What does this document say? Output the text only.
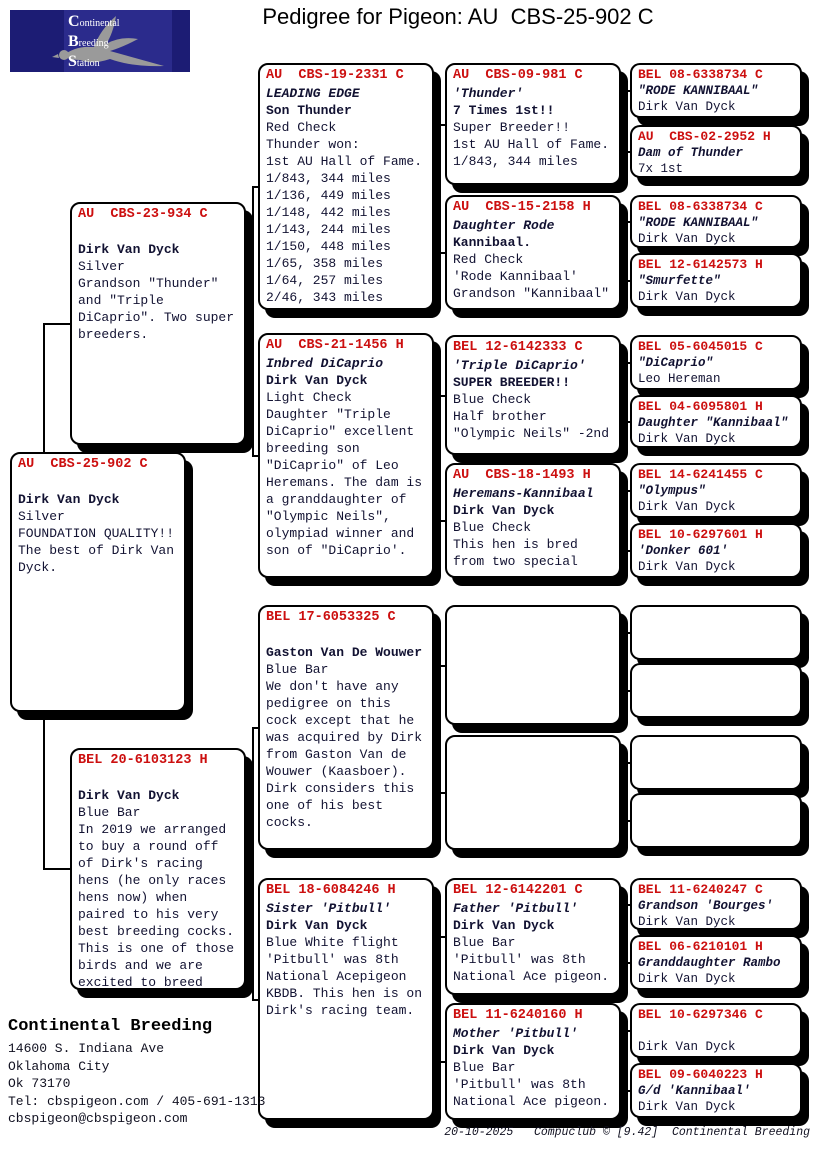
Pedigree for Pigeon: AU  CBS-25-902 C
Continental
Breeding
Station
AU  CBS-25-902 C
Dirk Van Dyck
Silver
FOUNDATION QUALITY!!
The best of Dirk Van
Dyck.
AU  CBS-23-934 C
Dirk Van Dyck
Silver
Grandson "Thunder"
and "Triple
DiCaprio". Two super
breeders.
BEL 20-6103123 H
Dirk Van Dyck
Blue Bar
In 2019 we arranged
to buy a round off
of Dirk's racing
hens (he only races
hens now) when
paired to his very
best breeding cocks.
This is one of those
birds and we are
excited to breed
AU  CBS-19-2331 C
LEADING EDGE
Son Thunder
Red Check
Thunder won:
1st AU Hall of Fame.
1/843, 344 miles
1/136, 449 miles
1/148, 442 miles
1/143, 244 miles
1/150, 448 miles
1/65, 358 miles
1/64, 257 miles
2/46, 343 miles
AU  CBS-21-1456 H
Inbred DiCaprio
Dirk Van Dyck
Light Check
Daughter "Triple
DiCaprio" excellent
breeding son
"DiCaprio" of Leo
Heremans. The dam is
a granddaughter of
"Olympic Neils",
olympiad winner and
son of "DiCaprio'.
BEL 17-6053325 C
Gaston Van De Wouwer
Blue Bar
We don't have any
pedigree on this
cock except that he
was acquired by Dirk
from Gaston Van de
Wouwer (Kaasboer).
Dirk considers this
one of his best
cocks.
BEL 18-6084246 H
Sister 'Pitbull'
Dirk Van Dyck
Blue White flight
'Pitbull' was 8th
National Acepigeon
KBDB. This hen is on
Dirk's racing team.
AU  CBS-09-981 C
'Thunder'
7 Times 1st!!
Super Breeder!!
1st AU Hall of Fame.
1/843, 344 miles
AU  CBS-15-2158 H
Daughter Rode
Kannibaal.
Red Check
'Rode Kannibaal'
Grandson "Kannibaal"
BEL 12-6142333 C
'Triple DiCaprio'
SUPER BREEDER!!
Blue Check
Half brother
"Olympic Neils" -2nd
AU  CBS-18-1493 H
Heremans-Kannibaal
Dirk Van Dyck
Blue Check
This hen is bred
from two special
BEL 12-6142201 C
Father 'Pitbull'
Dirk Van Dyck
Blue Bar
'Pitbull' was 8th
National Ace pigeon.
BEL 11-6240160 H
Mother 'Pitbull'
Dirk Van Dyck
Blue Bar
'Pitbull' was 8th
National Ace pigeon.
BEL 08-6338734 C
"RODE KANNIBAAL"
Dirk Van Dyck
AU  CBS-02-2952 H
Dam of Thunder
7x 1st
BEL 08-6338734 C
"RODE KANNIBAAL"
Dirk Van Dyck
BEL 12-6142573 H
"Smurfette"
Dirk Van Dyck
BEL 05-6045015 C
"DiCaprio"
Leo Hereman
BEL 04-6095801 H
Daughter "Kannibaal"
Dirk Van Dyck
BEL 14-6241455 C
"Olympus"
Dirk Van Dyck
BEL 10-6297601 H
'Donker 601'
Dirk Van Dyck
BEL 11-6240247 C
Grandson 'Bourges'
Dirk Van Dyck
BEL 06-6210101 H
Granddaughter Rambo
Dirk Van Dyck
BEL 10-6297346 C
Dirk Van Dyck
BEL 09-6040223 H
G/d 'Kannibaal'
Dirk Van Dyck
Continental Breeding
14600 S. Indiana Ave
Oklahoma City
Ok 73170
Tel: cbspigeon.com / 405-691-1313
cbspigeon@cbspigeon.com
20-10-2025   Compuclub © [9.42]  Continental Breeding
